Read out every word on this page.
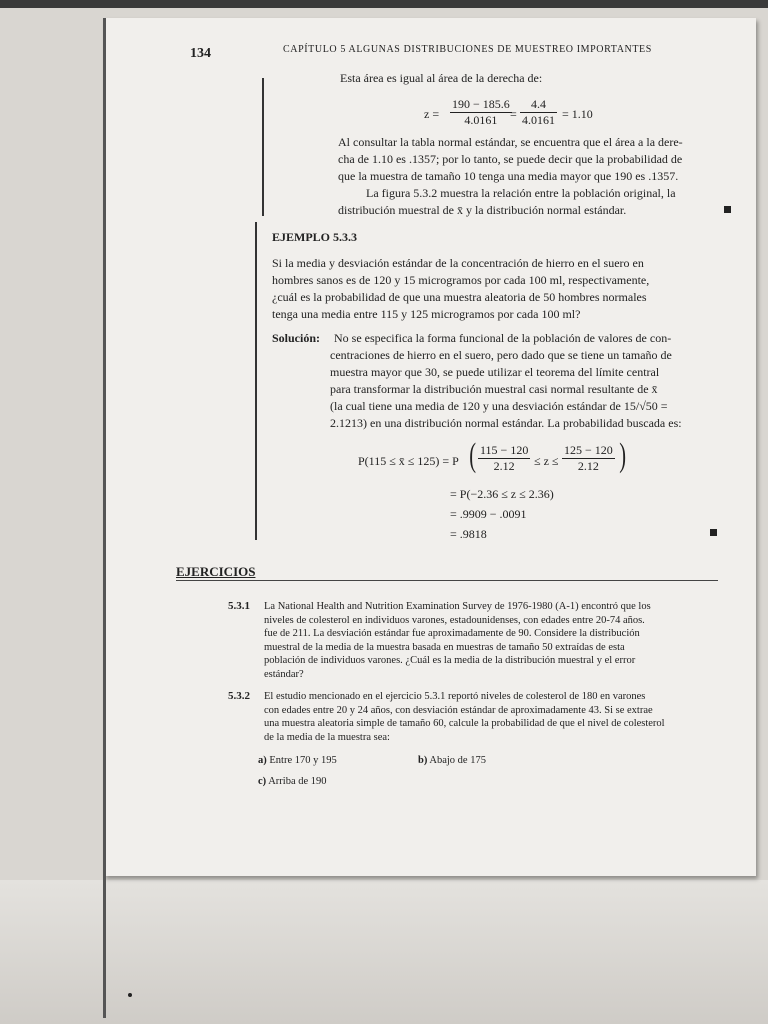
134	CAPÍTULO 5 ALGUNAS DISTRIBUCIONES DE MUESTREO IMPORTANTES
Esta área es igual al área de la derecha de:
$z = \frac{190 - 185.6}{4.0161}$
= $\frac{4.4}{4.0161} = 1.10$
Al consultar la tabla normal estándar, se encuentra que el área a la dere-
cha de 1.10 es .1357; por lo tanto, se puede decir que la probabilidad de
que la muestra de tamaño 10 tenga una media mayor que 190 es .1357.
La figura 5.3.2 muestra la relación entre la población original, la
distribución muestral de x̄ y la distribución normal estándar.
EJEMPLO 5.3.3
Si la media y desviación estándar de la concentración de hierro en el suero en
hombres sanos es de 120 y 15 microgramos por cada 100 ml, respectivamente,
¿cuál es la probabilidad de que una muestra aleatoria de 50 hombres normales
tenga una media entre 115 y 125 microgramos por cada 100 ml?
Solución: No se especifica la forma funcional de la población de valores de con-
centraciones de hierro en el suero, pero dado que se tiene un tamaño de
muestra mayor que 30, se puede utilizar el teorema del límite central
para transformar la distribución muestral casi normal resultante de x̄
(la cual tiene una media de 120 y una desviación estándar de 15/√50 =
2.1213) en una distribución normal estándar. La probabilidad buscada es:
P(115 ≤ x̄ ≤ 125) = P ( $\frac{115 - 120}{2.12} \le z \le \frac{125 - 120}{2.12}$ )
= P(−2.36 ≤ z ≤ 2.36)
= .9909 − .0091
= .9818
EJERCICIOS
5.3.1 La National Health and Nutrition Examination Survey de 1976-1980 (A-1) encontró que los
niveles de colesterol en individuos varones, estadounidenses, con edades entre 20-74 años.
fue de 211. La desviación estándar fue aproximadamente de 90. Considere la distribución
muestral de la media de la muestra basada en muestras de tamaño 50 extraídas de esta
población de individuos varones. ¿Cuál es la media de la distribución muestral y el error
estándar?
5.3.2 El estudio mencionado en el ejercicio 5.3.1 reportó niveles de colesterol de 180 en varones
con edades entre 20 y 24 años, con desviación estándar de aproximadamente 43. Si se extrae
una muestra aleatoria simple de tamaño 60, calcule la probabilidad de que el nivel de colesterol
de la media de la muestra sea:
a) Entre 170 y 195	b) Abajo de 175
c) Arriba de 190
